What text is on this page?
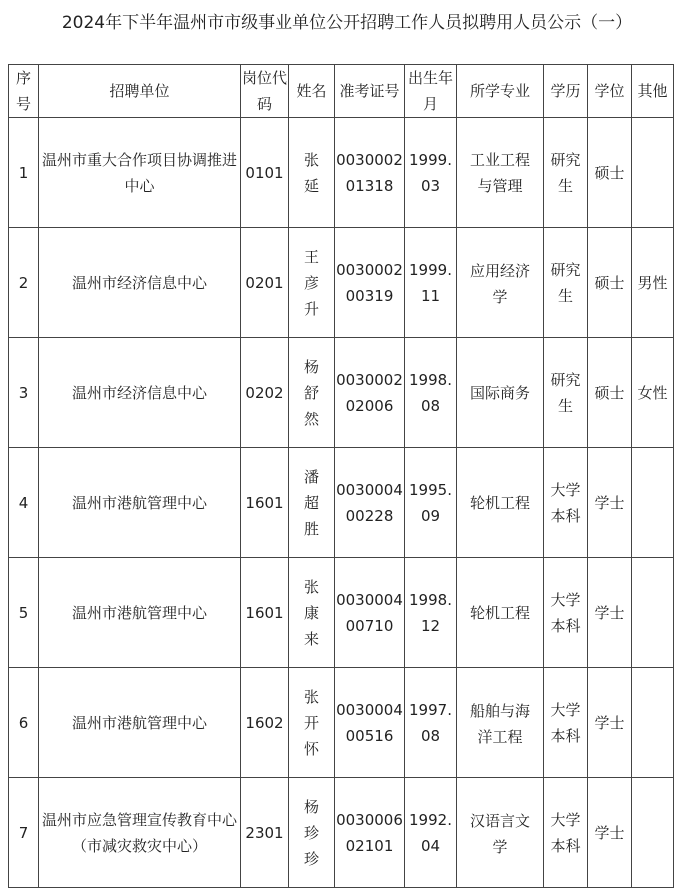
2024年下半年温州市市级事业单位公开招聘工作人员拟聘用人员公示（一）
序号	招聘单位	岗位代码	姓名	准考证号	出生年月	所学专业	学历	学位	其他
1	温州市重大合作项目协调推进中心	0101	张延	003000201318	1999.03	工业工程与管理	研究生	硕士	
2	温州市经济信息中心	0201	王彦升	003000200319	1999.11	应用经济学	研究生	硕士	男性
3	温州市经济信息中心	0202	杨舒然	003000202006	1998.08	国际商务	研究生	硕士	女性
4	温州市港航管理中心	1601	潘超胜	003000400228	1995.09	轮机工程	大学本科	学士	
5	温州市港航管理中心	1601	张康来	003000400710	1998.12	轮机工程	大学本科	学士	
6	温州市港航管理中心	1602	张开怀	003000400516	1997.08	船舶与海洋工程	大学本科	学士	
7	温州市应急管理宣传教育中心（市减灾救灾中心）	2301	杨珍珍	003000602101	1992.04	汉语言文学	大学本科	学士	
